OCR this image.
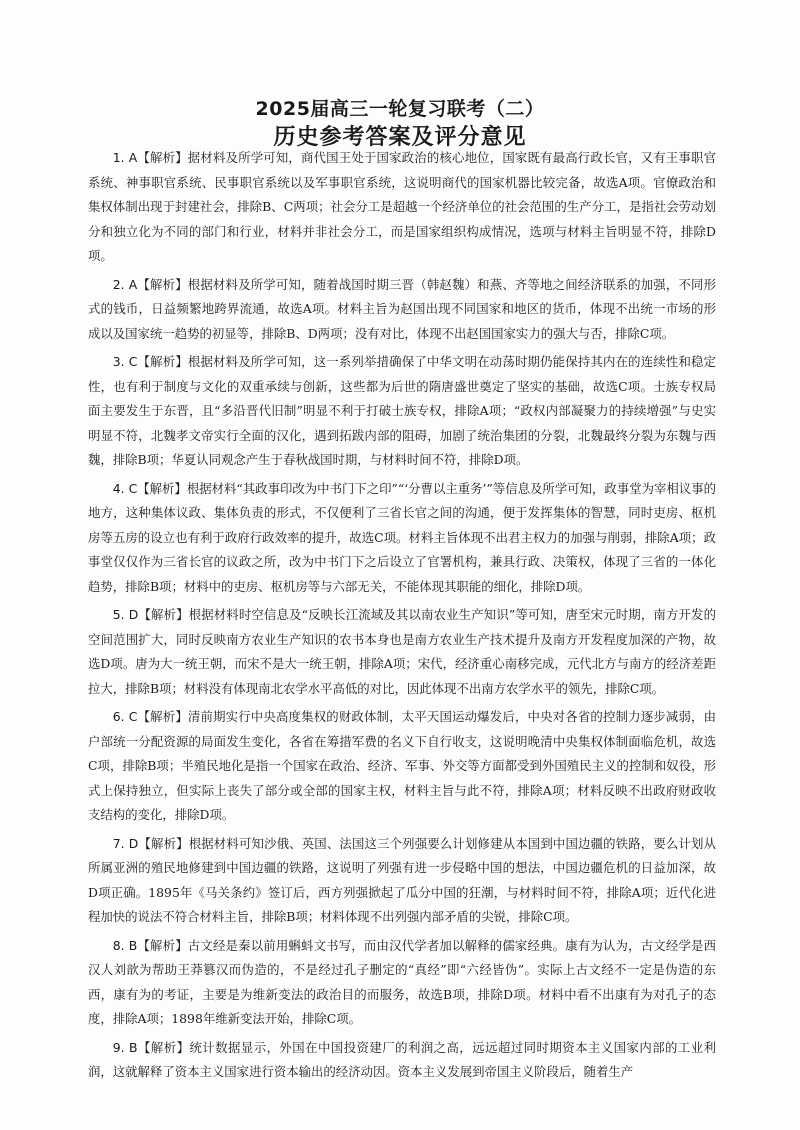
2025届高三一轮复习联考（二）
历史参考答案及评分意见

1. A【解析】据材料及所学可知，商代国王处于国家政治的核心地位，国家既有最高行政长官，又有王事职官系统、神事职官系统、民事职官系统以及军事职官系统，这说明商代的国家机器比较完备，故选A项。官僚政治和集权体制出现于封建社会，排除B、C两项；社会分工是超越一个经济单位的社会范围的生产分工，是指社会劳动划分和独立化为不同的部门和行业，材料并非社会分工，而是国家组织构成情况，选项与材料主旨明显不符，排除D项。

2. A【解析】根据材料及所学可知，随着战国时期三晋（韩赵魏）和燕、齐等地之间经济联系的加强，不同形式的钱币，日益频繁地跨界流通，故选A项。材料主旨为赵国出现不同国家和地区的货币，体现不出统一市场的形成以及国家统一趋势的初显等，排除B、D两项；没有对比，体现不出赵国国家实力的强大与否，排除C项。

3. C【解析】根据材料及所学可知，这一系列举措确保了中华文明在动荡时期仍能保持其内在的连续性和稳定性，也有利于制度与文化的双重承续与创新，这些都为后世的隋唐盛世奠定了坚实的基础，故选C项。士族专权局面主要发生于东晋，且“多沿晋代旧制”明显不利于打破士族专权，排除A项；“政权内部凝聚力的持续增强”与史实明显不符，北魏孝文帝实行全面的汉化，遇到拓跋内部的阻碍，加剧了统治集团的分裂，北魏最终分裂为东魏与西魏，排除B项；华夏认同观念产生于春秋战国时期，与材料时间不符，排除D项。

4. C【解析】根据材料“其政事印改为中书门下之印”“‘分曹以主重务’”等信息及所学可知，政事堂为宰相议事的地方，这种集体议政、集体负责的形式，不仅便利了三省长官之间的沟通，便于发挥集体的智慧，同时吏房、枢机房等五房的设立也有利于政府行政效率的提升，故选C项。材料主旨体现不出君主权力的加强与削弱，排除A项；政事堂仅仅作为三省长官的议政之所，改为中书门下之后设立了官署机构，兼具行政、决策权，体现了三省的一体化趋势，排除B项；材料中的吏房、枢机房等与六部无关，不能体现其职能的细化，排除D项。

5. D【解析】根据材料时空信息及“反映长江流域及其以南农业生产知识”等可知，唐至宋元时期，南方开发的空间范围扩大，同时反映南方农业生产知识的农书本身也是南方农业生产技术提升及南方开发程度加深的产物，故选D项。唐为大一统王朝，而宋不是大一统王朝，排除A项；宋代，经济重心南移完成，元代北方与南方的经济差距拉大，排除B项；材料没有体现南北农学水平高低的对比，因此体现不出南方农学水平的领先，排除C项。

6. C【解析】清前期实行中央高度集权的财政体制，太平天国运动爆发后，中央对各省的控制力逐步减弱，由户部统一分配资源的局面发生变化，各省在筹措军费的名义下自行收支，这说明晚清中央集权体制面临危机，故选C项，排除B项；半殖民地化是指一个国家在政治、经济、军事、外交等方面都受到外国殖民主义的控制和奴役，形式上保持独立，但实际上丧失了部分或全部的国家主权，材料主旨与此不符，排除A项；材料反映不出政府财政收支结构的变化，排除D项。

7. D【解析】根据材料可知沙俄、英国、法国这三个列强要么计划修建从本国到中国边疆的铁路，要么计划从所属亚洲的殖民地修建到中国边疆的铁路，这说明了列强有进一步侵略中国的想法，中国边疆危机的日益加深，故D项正确。1895年《马关条约》签订后，西方列强掀起了瓜分中国的狂潮，与材料时间不符，排除A项；近代化进程加快的说法不符合材料主旨，排除B项；材料体现不出列强内部矛盾的尖锐，排除C项。

8. B【解析】古文经是秦以前用蝌蚪文书写，而由汉代学者加以解释的儒家经典。康有为认为，古文经学是西汉人刘歆为帮助王莽篡汉而伪造的，不是经过孔子删定的“真经”即“六经皆伪”。实际上古文经不一定是伪造的东西，康有为的考证，主要是为维新变法的政治目的而服务，故选B项，排除D项。材料中看不出康有为对孔子的态度，排除A项；1898年维新变法开始，排除C项。

9. B【解析】统计数据显示，外国在中国投资建厂的利润之高，远远超过同时期资本主义国家内部的工业利润，这就解释了资本主义国家进行资本输出的经济动因。资本主义发展到帝国主义阶段后，随着生产
